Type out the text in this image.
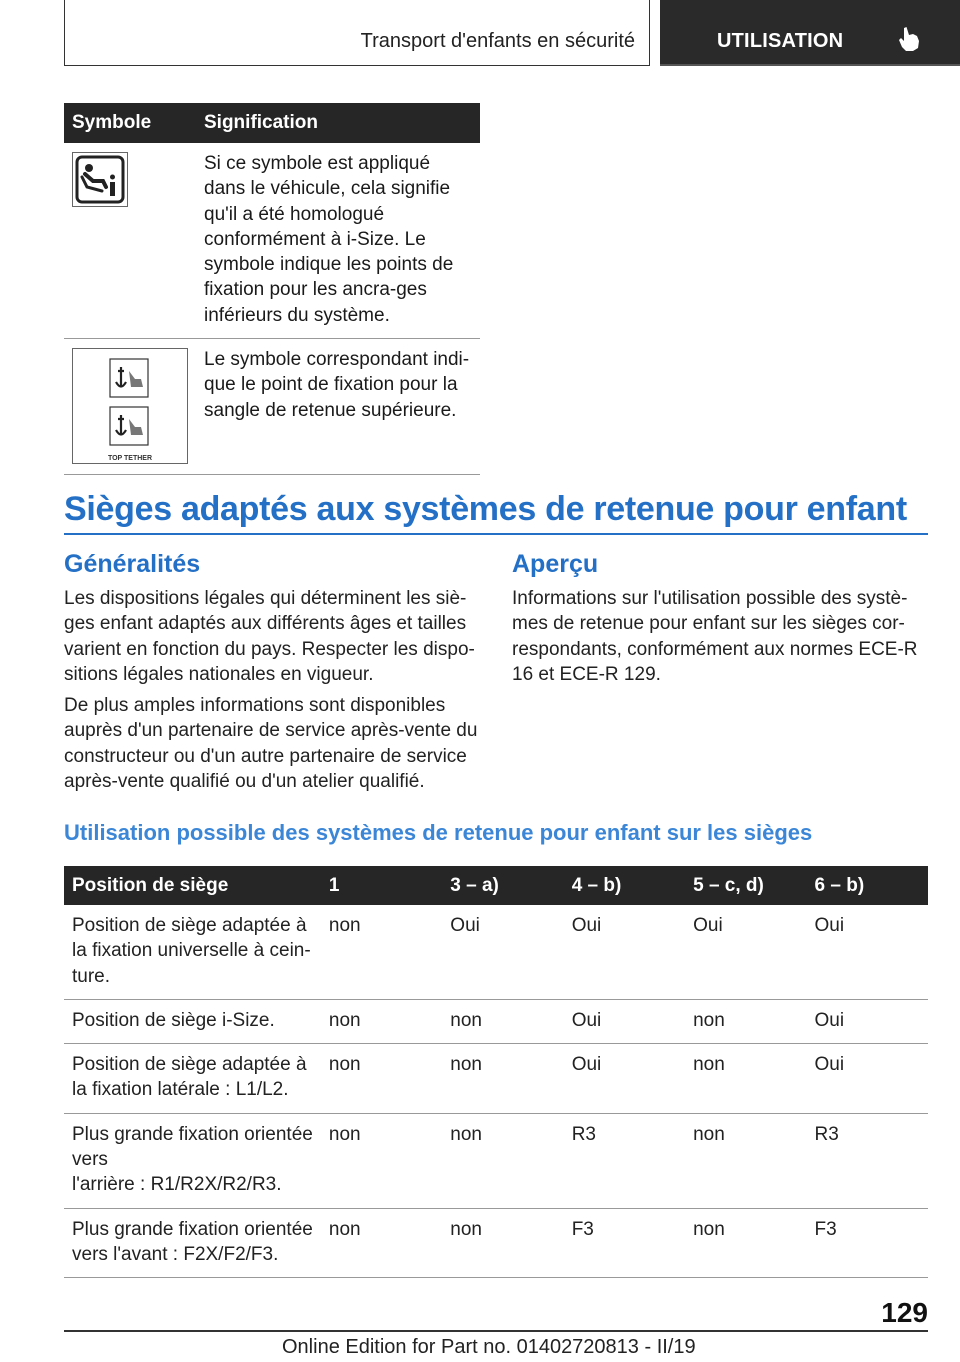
Transport d'enfants en sécurité	UTILISATION
Symbole	Signification

	Si ce symbole est appliqué dans le véhicule, cela signifie qu'il a été homologué conformément à i-Size. Le symbole indique les points de fixation pour les ancra-ges inférieurs du système.

TOP TETHER	Le symbole correspondant indi-que le point de fixation pour la sangle de retenue supérieure.
Sièges adaptés aux systèmes de retenue pour enfant
Généralités
Les dispositions légales qui déterminent les siè-ges enfant adaptés aux différents âges et tailles varient en fonction du pays. Respecter les dispo-sitions légales nationales en vigueur.
De plus amples informations sont disponibles auprès d'un partenaire de service après-vente du constructeur ou d'un autre partenaire de service après-vente qualifié ou d'un atelier qualifié.
Aperçu
Informations sur l'utilisation possible des systè-mes de retenue pour enfant sur les sièges cor-respondants, conformément aux normes ECE-R 16 et ECE-R 129.
Utilisation possible des systèmes de retenue pour enfant sur les sièges
Position de siège	1	3 – a)	4 – b)	5 – c, d)	6 – b)
Position de siège adaptée à la fixation universelle à cein-ture.	non	Oui	Oui	Oui	Oui
Position de siège i-Size.	non	non	Oui	non	Oui
Position de siège adaptée à la fixation latérale : L1/L2.	non	non	Oui	non	Oui
Plus grande fixation orientée
vers
l'arrière : R1/R2X/R2/R3.	non	non	R3	non	R3
Plus grande fixation orientée vers l'avant : F2X/F2/F3.	non	non	F3	non	F3
129
Online Edition for Part no. 01402720813 - II/19
